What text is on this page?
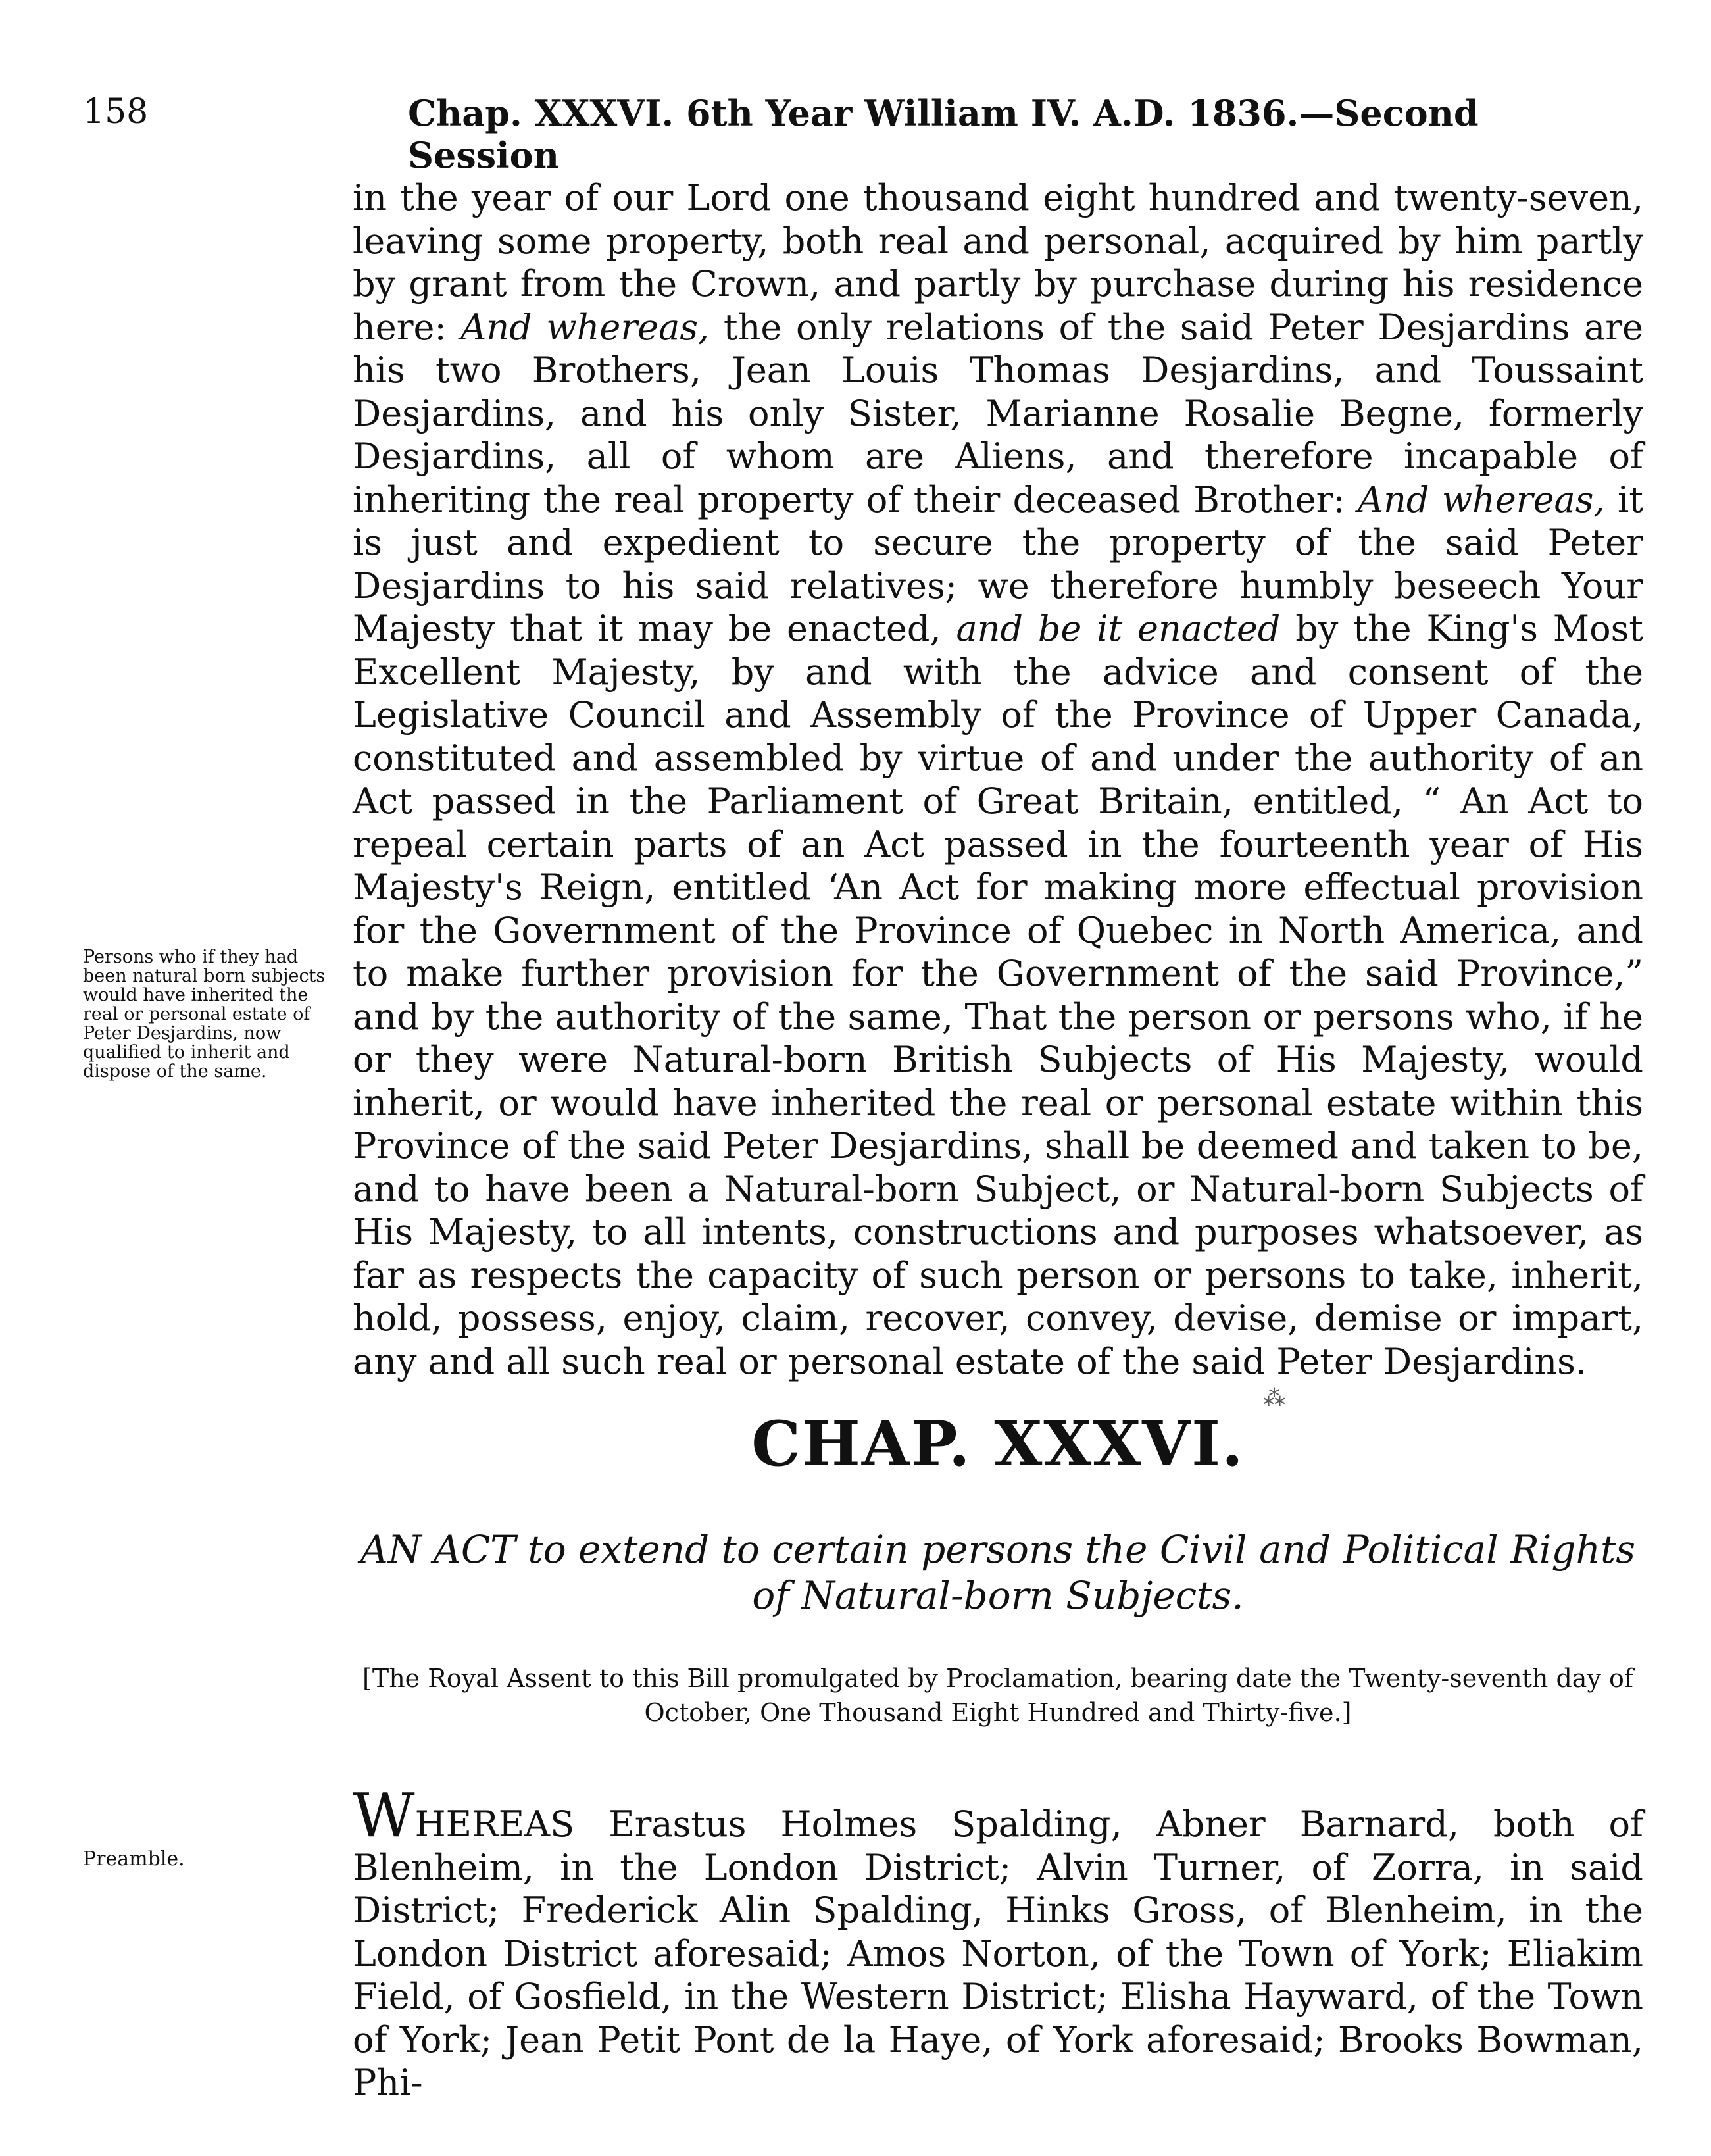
158	Chap. XXXVI. 6th Year William IV. A.D. 1836.—Second Session

in the year of our Lord one thousand eight hundred and twenty-seven, leaving some property, both real and personal, acquired by him partly by grant from the Crown, and partly by purchase during his residence here: And whereas, the only relations of the said Peter Desjardins are his two Brothers, Jean Louis Thomas Desjardins, and Toussaint Desjardins, and his only Sister, Marianne Rosalie Begne, formerly Desjardins, all of whom are Aliens, and therefore incapable of inheriting the real property of their deceased Brother: And whereas, it is just and expedient to secure the property of the said Peter Desjardins to his said relatives; we therefore humbly beseech Your Majesty that it may be enacted, and be it enacted by the King's Most Excellent Majesty, by and with the advice and consent of the Legislative Council and Assembly of the Province of Upper Canada, constituted and assembled by virtue of and under the authority of an Act passed in the Parliament of Great Britain, entitled, “ An Act to repeal certain parts of an Act passed in the fourteenth year of His Majesty's Reign, entitled ‘An Act for making more effectual provision for the Government of the Province of Quebec in North America, and to make further provision for the Government of the said Province,” and by the authority of the same, That the person or persons who, if he or they were Natural-born British Subjects of His Majesty, would inherit, or would have inherited the real or personal estate within this Province of the said Peter Desjardins, shall be deemed and taken to be, and to have been a Natural-born Subject, or Natural-born Subjects of His Majesty, to all intents, constructions and purposes whatsoever, as far as respects the capacity of such person or persons to take, inherit, hold, possess, enjoy, claim, recover, convey, devise, demise or impart, any and all such real or personal estate of the said Peter Desjardins.

Persons who if they had been natural born subjects would have inherited the real or personal estate of Peter Desjardins, now qualified to inherit and dispose of the same.
⁂
CHAP. XXXVI.
AN ACT to extend to certain persons the Civil and Political Rights of Natural-born Subjects.
[The Royal Assent to this Bill promulgated by Proclamation, bearing date the Twenty-seventh day of October, One Thousand Eight Hundred and Thirty-five.]
Preamble.

WHEREAS Erastus Holmes Spalding, Abner Barnard, both of Blenheim, in the London District; Alvin Turner, of Zorra, in said District; Frederick Alin Spalding, Hinks Gross, of Blenheim, in the London District aforesaid; Amos Norton, of the Town of York; Eliakim Field, of Gosfield, in the Western District; Elisha Hayward, of the Town of York; Jean Petit Pont de la Haye, of York aforesaid; Brooks Bowman, Phi-
